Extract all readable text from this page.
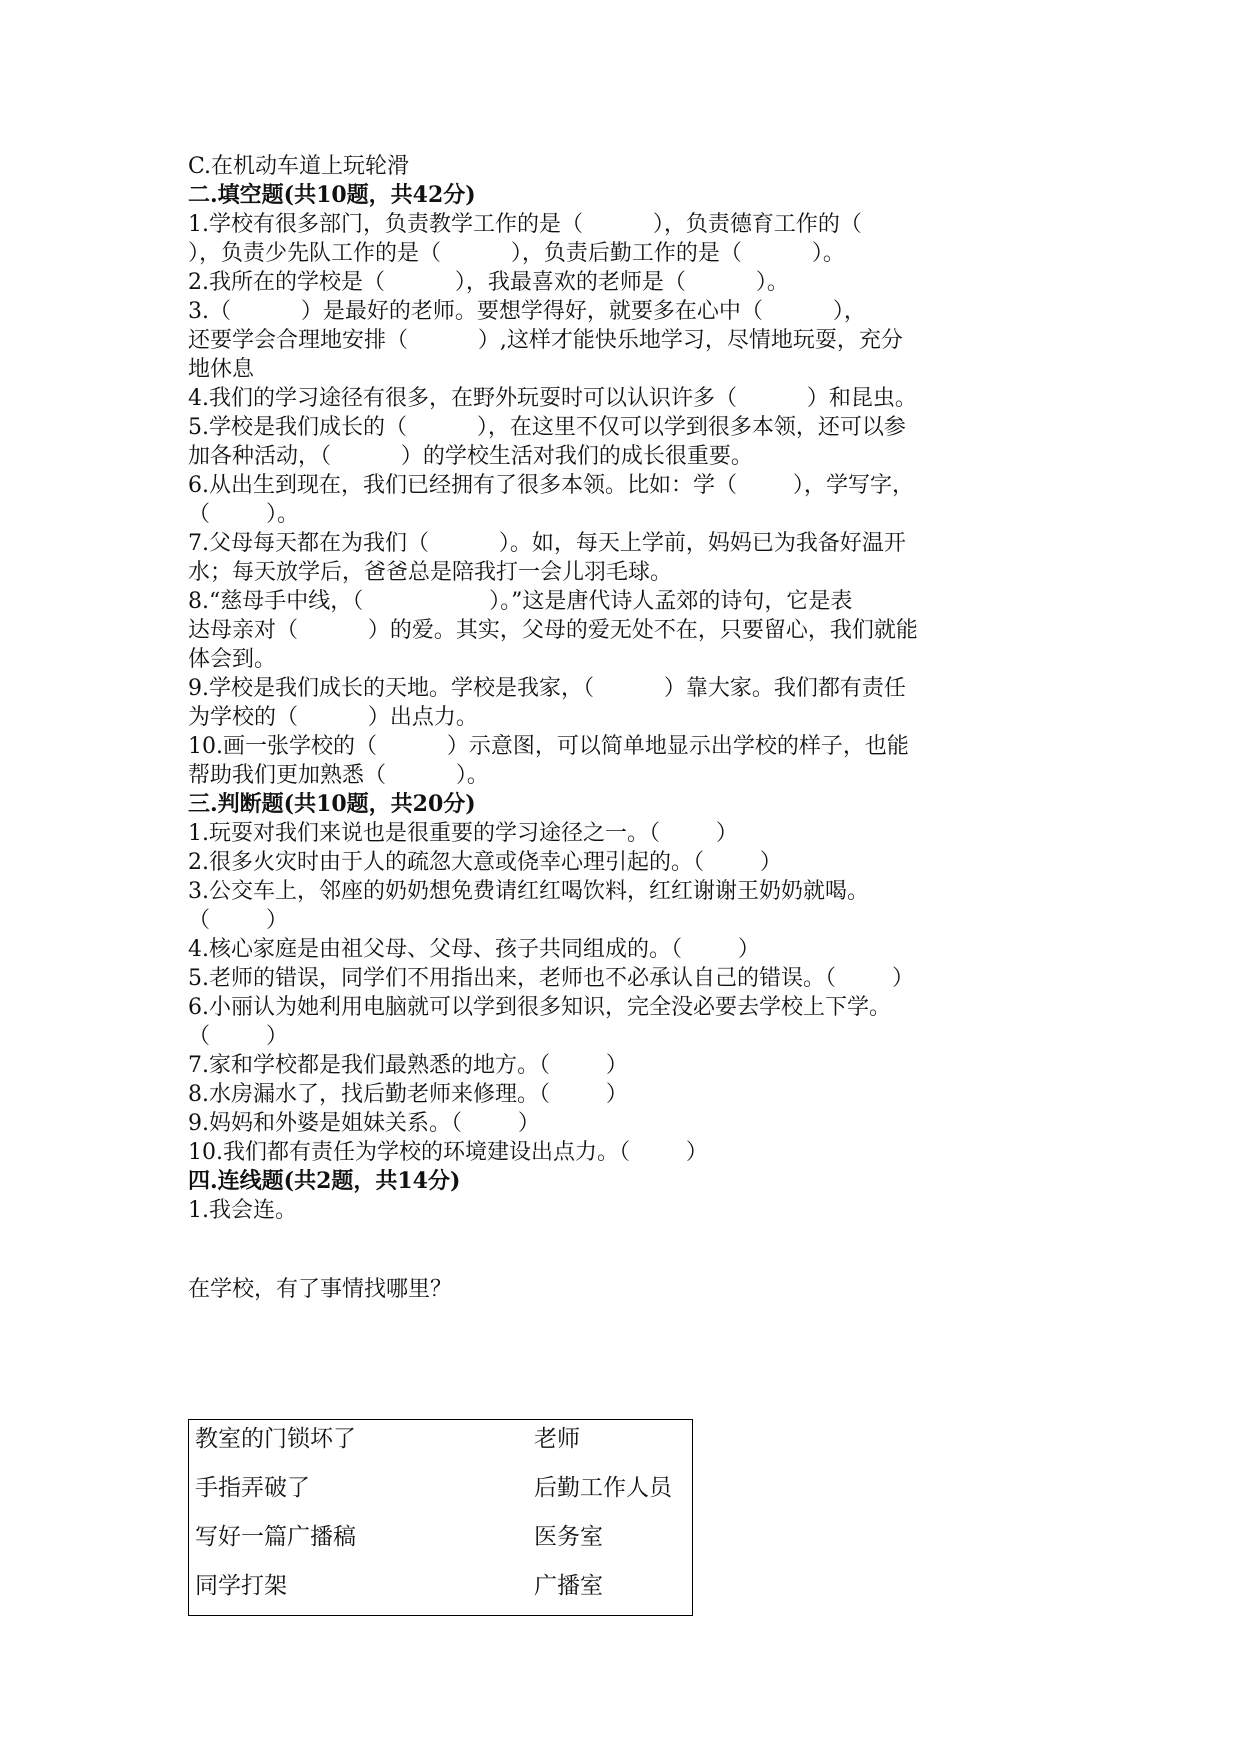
C.在机动车道上玩轮滑
二.填空题(共10题，共42分)
1.学校有很多部门，负责教学工作的是（          ），负责德育工作的（
），负责少先队工作的是（          ），负责后勤工作的是（          ）。
2.我所在的学校是（          ），我最喜欢的老师是（          ）。
3.（          ）是最好的老师。要想学得好，就要多在心中（          ），
还要学会合理地安排（          ）,这样才能快乐地学习，尽情地玩耍，充分
地休息
4.我们的学习途径有很多，在野外玩耍时可以认识许多（          ）和昆虫。
5.学校是我们成长的（          ），在这里不仅可以学到很多本领，还可以参
加各种活动，（          ）的学校生活对我们的成长很重要。
6.从出生到现在，我们已经拥有了很多本领。比如：学（        ），学写字，
（        ）。
7.父母每天都在为我们（          ）。如，每天上学前，妈妈已为我备好温开
水；每天放学后，爸爸总是陪我打一会儿羽毛球。
8.“慈母手中线，（                  ）。”这是唐代诗人孟郊的诗句，它是表
达母亲对（          ）的爱。其实，父母的爱无处不在，只要留心，我们就能
体会到。
9.学校是我们成长的天地。学校是我家，（          ）靠大家。我们都有责任
为学校的（          ）出点力。
10.画一张学校的（          ）示意图，可以简单地显示出学校的样子，也能
帮助我们更加熟悉（          ）。
三.判断题(共10题，共20分)
1.玩耍对我们来说也是很重要的学习途径之一。（        ）
2.很多火灾时由于人的疏忽大意或侥幸心理引起的。（        ）
3.公交车上，邻座的奶奶想免费请红红喝饮料，红红谢谢王奶奶就喝。
（        ）
4.核心家庭是由祖父母、父母、孩子共同组成的。（        ）
5.老师的错误，同学们不用指出来，老师也不必承认自己的错误。（        ）
6.小丽认为她利用电脑就可以学到很多知识，完全没必要去学校上下学。
（        ）
7.家和学校都是我们最熟悉的地方。（        ）
8.水房漏水了，找后勤老师来修理。（        ）
9.妈妈和外婆是姐妹关系。（        ）
10.我们都有责任为学校的环境建设出点力。（        ）
四.连线题(共2题，共14分)
1.我会连。
在学校，有了事情找哪里？
教室的门锁坏了	老师
手指弄破了	后勤工作人员
写好一篇广播稿	医务室
同学打架	广播室
